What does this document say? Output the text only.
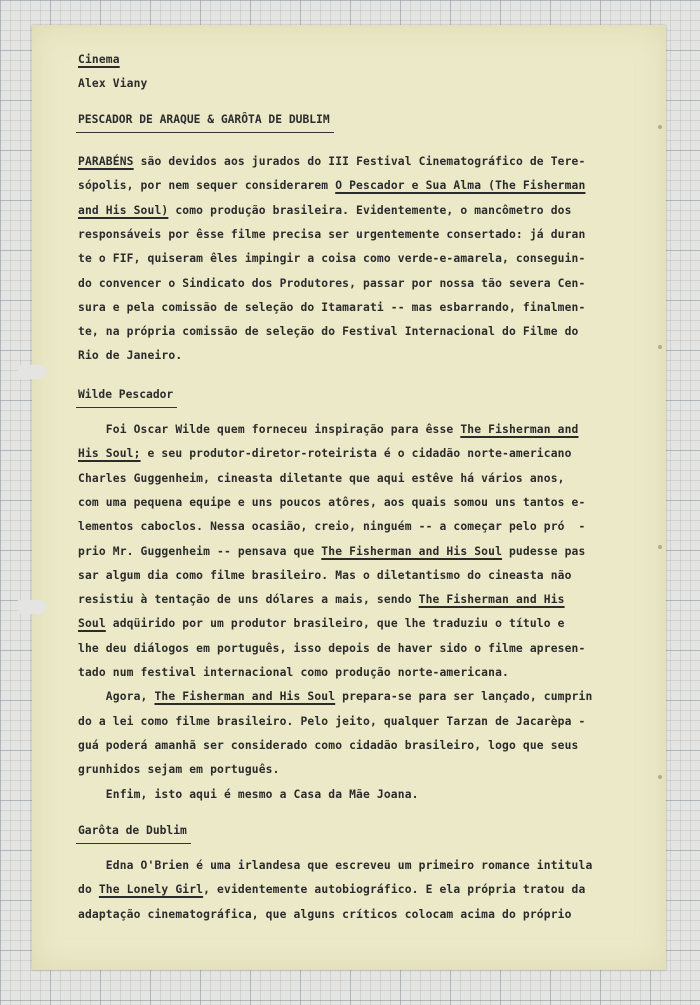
Cinema
Alex Viany
PESCADOR DE ARAQUE & GARÔTA DE DUBLIM
PARABÉNS são devidos aos jurados do III Festival Cinematográfico de Tere-
sópolis, por nem sequer considerarem O Pescador e Sua Alma (The Fisherman
and His Soul) como produção brasileira. Evidentemente, o mancômetro dos
responsáveis por êsse filme precisa ser urgentemente consertado: já duran
te o FIF, quiseram êles impingir a coisa como verde-e-amarela, conseguin-
do convencer o Sindicato dos Produtores, passar por nossa tão severa Cen-
sura e pela comissão de seleção do Itamarati -- mas esbarrando, finalmen-
te, na própria comissão de seleção do Festival Internacional do Filme do
Rio de Janeiro.
Wilde Pescador
Foi Oscar Wilde quem forneceu inspiração para êsse The Fisherman and
His Soul; e seu produtor-diretor-roteirista é o cidadão norte-americano
Charles Guggenheim, cineasta diletante que aqui estêve há vários anos,
com uma pequena equipe e uns poucos atôres, aos quais somou uns tantos e-
lementos caboclos. Nessa ocasião, creio, ninguém -- a começar pelo pró  -
prio Mr. Guggenheim -- pensava que The Fisherman and His Soul pudesse pas
sar algum dia como filme brasileiro. Mas o diletantismo do cineasta não
resistiu à tentação de uns dólares a mais, sendo The Fisherman and His
Soul adqüirido por um produtor brasileiro, que lhe traduziu o título e
lhe deu diálogos em português, isso depois de haver sido o filme apresen-
tado num festival internacional como produção norte-americana.
Agora, The Fisherman and His Soul prepara-se para ser lançado, cumprin
do a lei como filme brasileiro. Pelo jeito, qualquer Tarzan de Jacarèpa -
guá poderá amanhã ser considerado como cidadão brasileiro, logo que seus
grunhidos sejam em português.
Enfim, isto aqui é mesmo a Casa da Mãe Joana.
Garôta de Dublim
Edna O'Brien é uma irlandesa que escreveu um primeiro romance intitula
do The Lonely Girl, evidentemente autobiográfico. E ela própria tratou da
adaptação cinematográfica, que alguns críticos colocam acima do próprio
